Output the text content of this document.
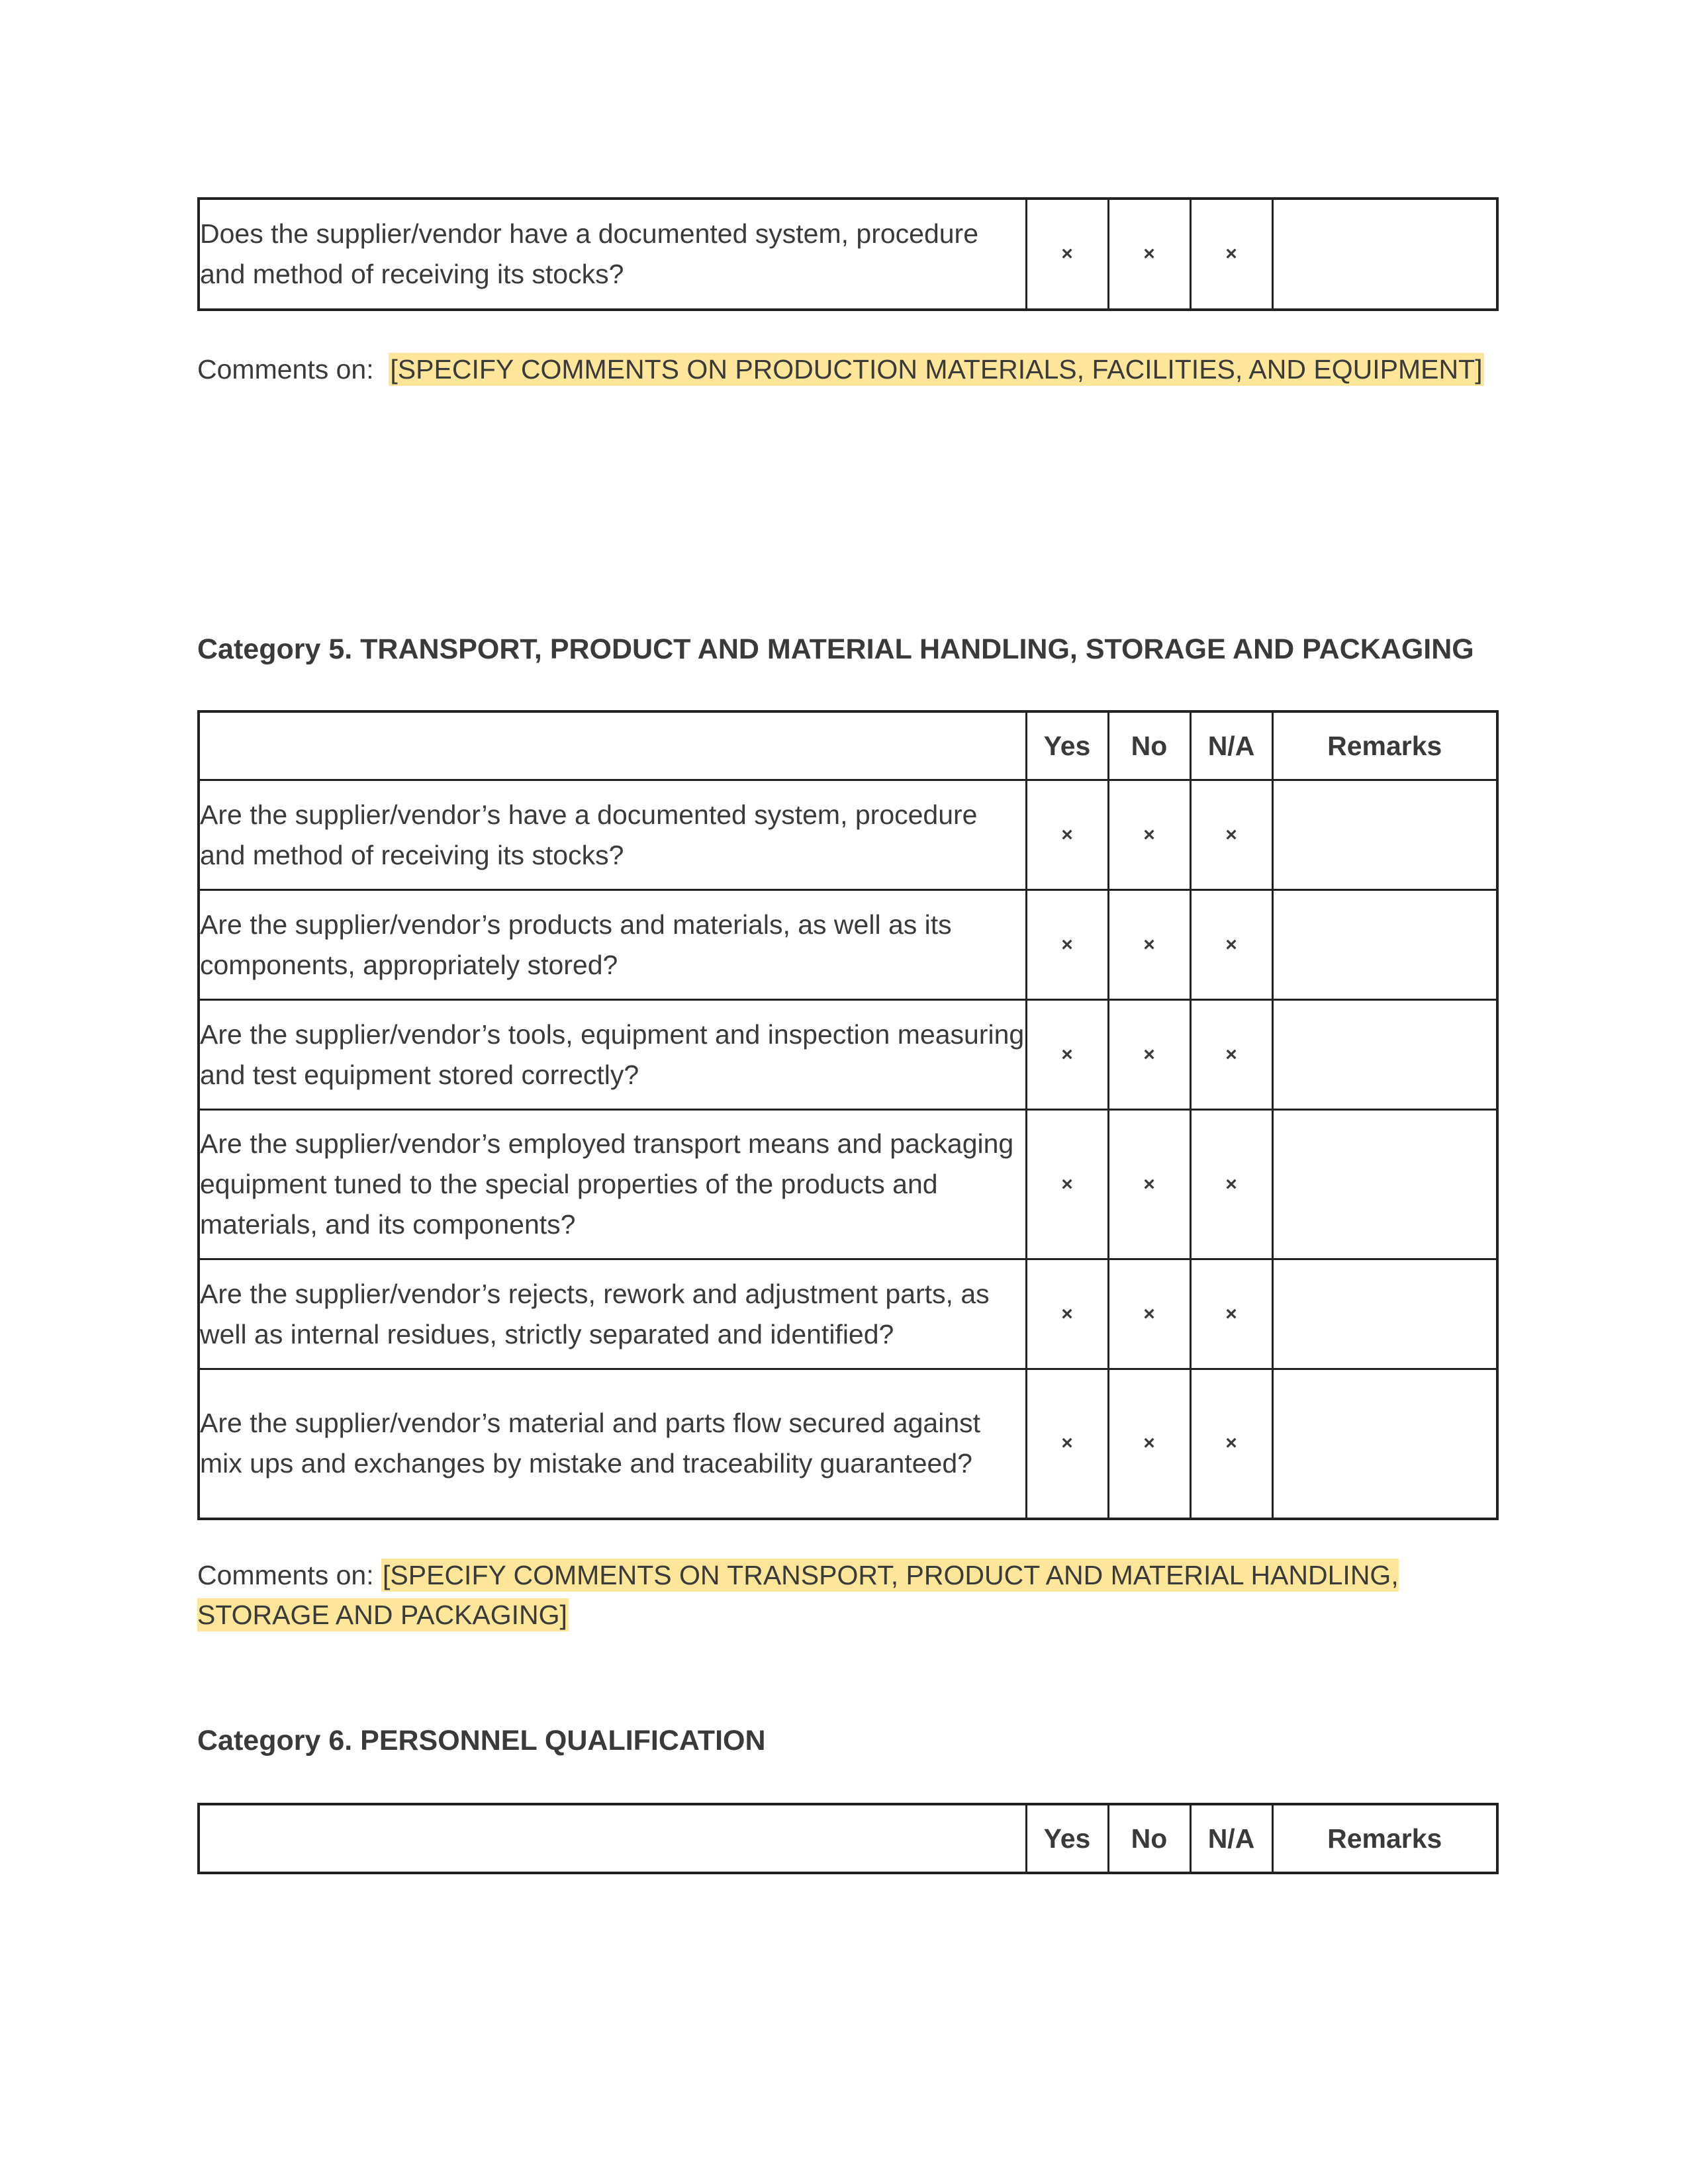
Does the supplier/vendor have a documented system, procedure and method of receiving its stocks?	×	×	×	
Comments on: [SPECIFY COMMENTS ON PRODUCTION MATERIALS, FACILITIES, AND EQUIPMENT]
Category 5. TRANSPORT, PRODUCT AND MATERIAL HANDLING, STORAGE AND PACKAGING
	Yes	No	N/A	Remarks
Are the supplier/vendor’s have a documented system, procedure and method of receiving its stocks?	×	×	×	
Are the supplier/vendor’s products and materials, as well as its components, appropriately stored?	×	×	×	
Are the supplier/vendor’s tools, equipment and inspection measuring and test equipment stored correctly?	×	×	×	
Are the supplier/vendor’s employed transport means and packaging equipment tuned to the special properties of the products and materials, and its components?	×	×	×	
Are the supplier/vendor’s rejects, rework and adjustment parts, as well as internal residues, strictly separated and identified?	×	×	×	
Are the supplier/vendor’s material and parts flow secured against mix ups and exchanges by mistake and traceability guaranteed?	×	×	×	
Comments on: [SPECIFY COMMENTS ON TRANSPORT, PRODUCT AND MATERIAL HANDLING, STORAGE AND PACKAGING]
Category 6. PERSONNEL QUALIFICATION
	Yes	No	N/A	Remarks
